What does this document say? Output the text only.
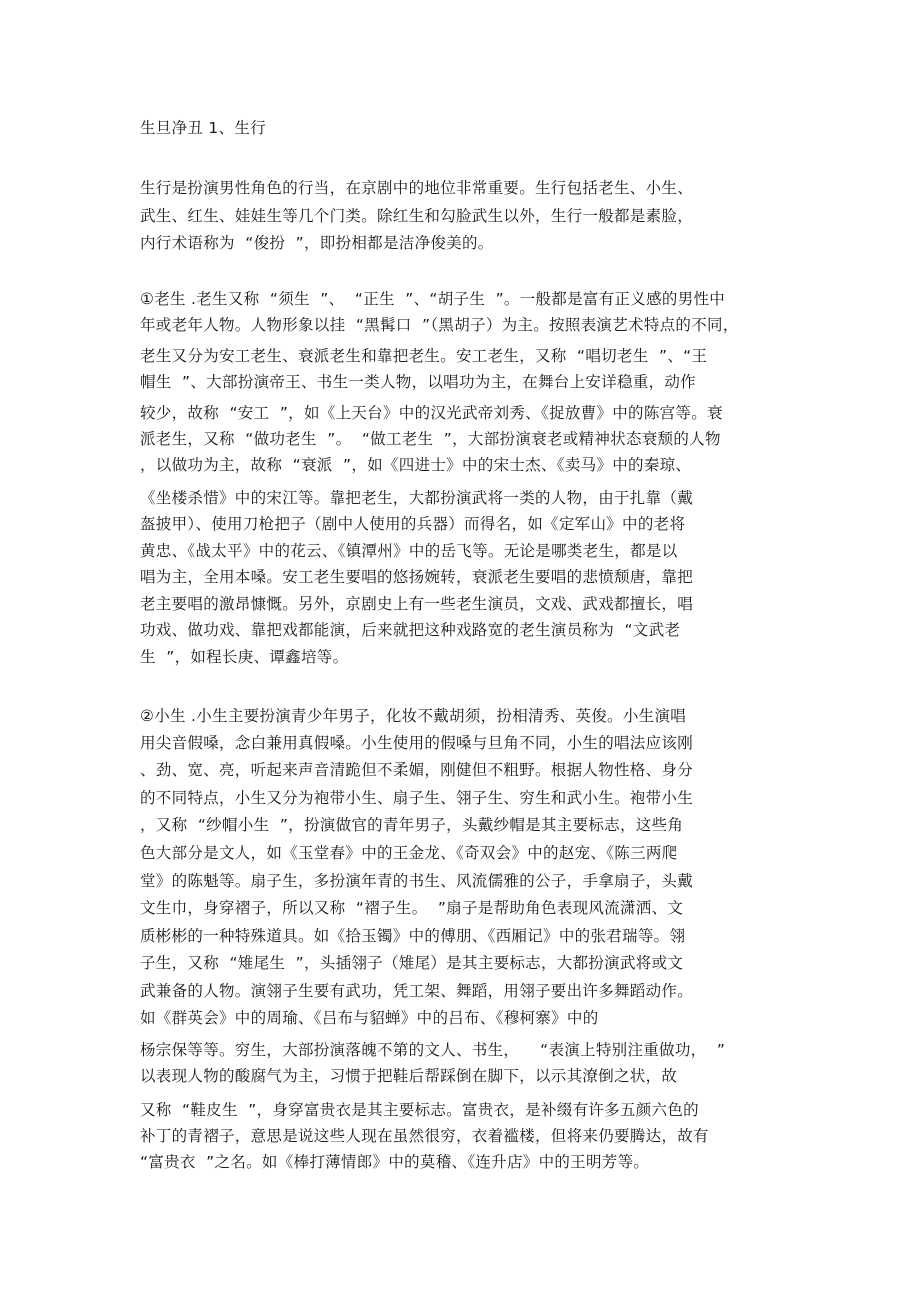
生旦净丑 1、生行

生行是扮演男性角色的行当，在京剧中的地位非常重要。生行包括老生、小生、

武生、红生、娃娃生等几个门类。除红生和勾脸武生以外，生行一般都是素脸，

内行术语称为  “俊扮  ”，即扮相都是洁净俊美的。

①老生 .老生又称  “须生  ”、  “正生  ”、“胡子生  ”。一般都是富有正义感的男性中

年或老年人物。人物形象以挂  “黑髯口  ”（黑胡子）为主。按照表演艺术特点的不同，

老生又分为安工老生、衰派老生和靠把老生。安工老生，又称  “唱切老生  ”、“王

帽生  ”、大部扮演帝王、书生一类人物，以唱功为主，在舞台上安详稳重，动作

较少，故称  “安工  ”，如《上天台》中的汉光武帝刘秀、《捉放曹》中的陈宫等。衰

派老生，又称  “做功老生  ”。  “做工老生  ”，大部扮演衰老或精神状态衰颓的人物

，以做功为主，故称  “衰派  ”，如《四进士》中的宋士杰、《卖马》中的秦琼、

《坐楼杀惜》中的宋江等。靠把老生，大都扮演武将一类的人物，由于扎靠（戴

盔披甲）、使用刀枪把子（剧中人使用的兵器）而得名，如《定军山》中的老将

黄忠、《战太平》中的花云、《镇潭州》中的岳飞等。无论是哪类老生，都是以

唱为主，全用本嗓。安工老生要唱的悠扬婉转，衰派老生要唱的悲愤颓唐，靠把

老主要唱的激昂慷慨。另外，京剧史上有一些老生演员，文戏、武戏都擅长，唱

功戏、做功戏、靠把戏都能演，后来就把这种戏路宽的老生演员称为  “文武老

生  ”，如程长庚、谭鑫培等。

②小生 .小生主要扮演青少年男子，化妆不戴胡须，扮相清秀、英俊。小生演唱

用尖音假嗓，念白兼用真假嗓。小生使用的假嗓与旦角不同，小生的唱法应该刚

、劲、宽、亮，听起来声音清跪但不柔媚，刚健但不粗野。根据人物性格、身分

的不同特点，小生又分为袍带小生、扇子生、翎子生、穷生和武小生。袍带小生

，又称  “纱帽小生  ”，扮演做官的青年男子，头戴纱帽是其主要标志，这些角

色大部分是文人，如《玉堂春》中的王金龙、《奇双会》中的赵宠、《陈三两爬

堂》的陈魁等。扇子生，多扮演年青的书生、风流儒雅的公子，手拿扇子，头戴

文生巾，身穿褶子，所以又称  “褶子生。  ”扇子是帮助角色表现风流潇洒、文

质彬彬的一种特殊道具。如《拾玉镯》中的傅朋、《西厢记》中的张君瑞等。翎

子生，又称  “雉尾生  ”，头插翎子（雉尾）是其主要标志，大都扮演武将或文

武兼备的人物。演翎子生要有武功，凭工架、舞蹈，用翎子要出许多舞蹈动作。

如《群英会》中的周瑜、《吕布与貂蝉》中的吕布、《穆柯寨》中的

杨宗保等等。穷生，大部扮演落魄不第的文人、书生，    “表演上特别注重做功，  ”

以表现人物的酸腐气为主，习惯于把鞋后帮踩倒在脚下，以示其潦倒之状，故

又称  “鞋皮生  ”，身穿富贵衣是其主要标志。富贵衣，是补缀有许多五颜六色的

补丁的青褶子，意思是说这些人现在虽然很穷，衣着褴楼，但将来仍要腾达，故有

“富贵衣  ”之名。如《棒打薄情郎》中的莫稽、《连升店》中的王明芳等。
